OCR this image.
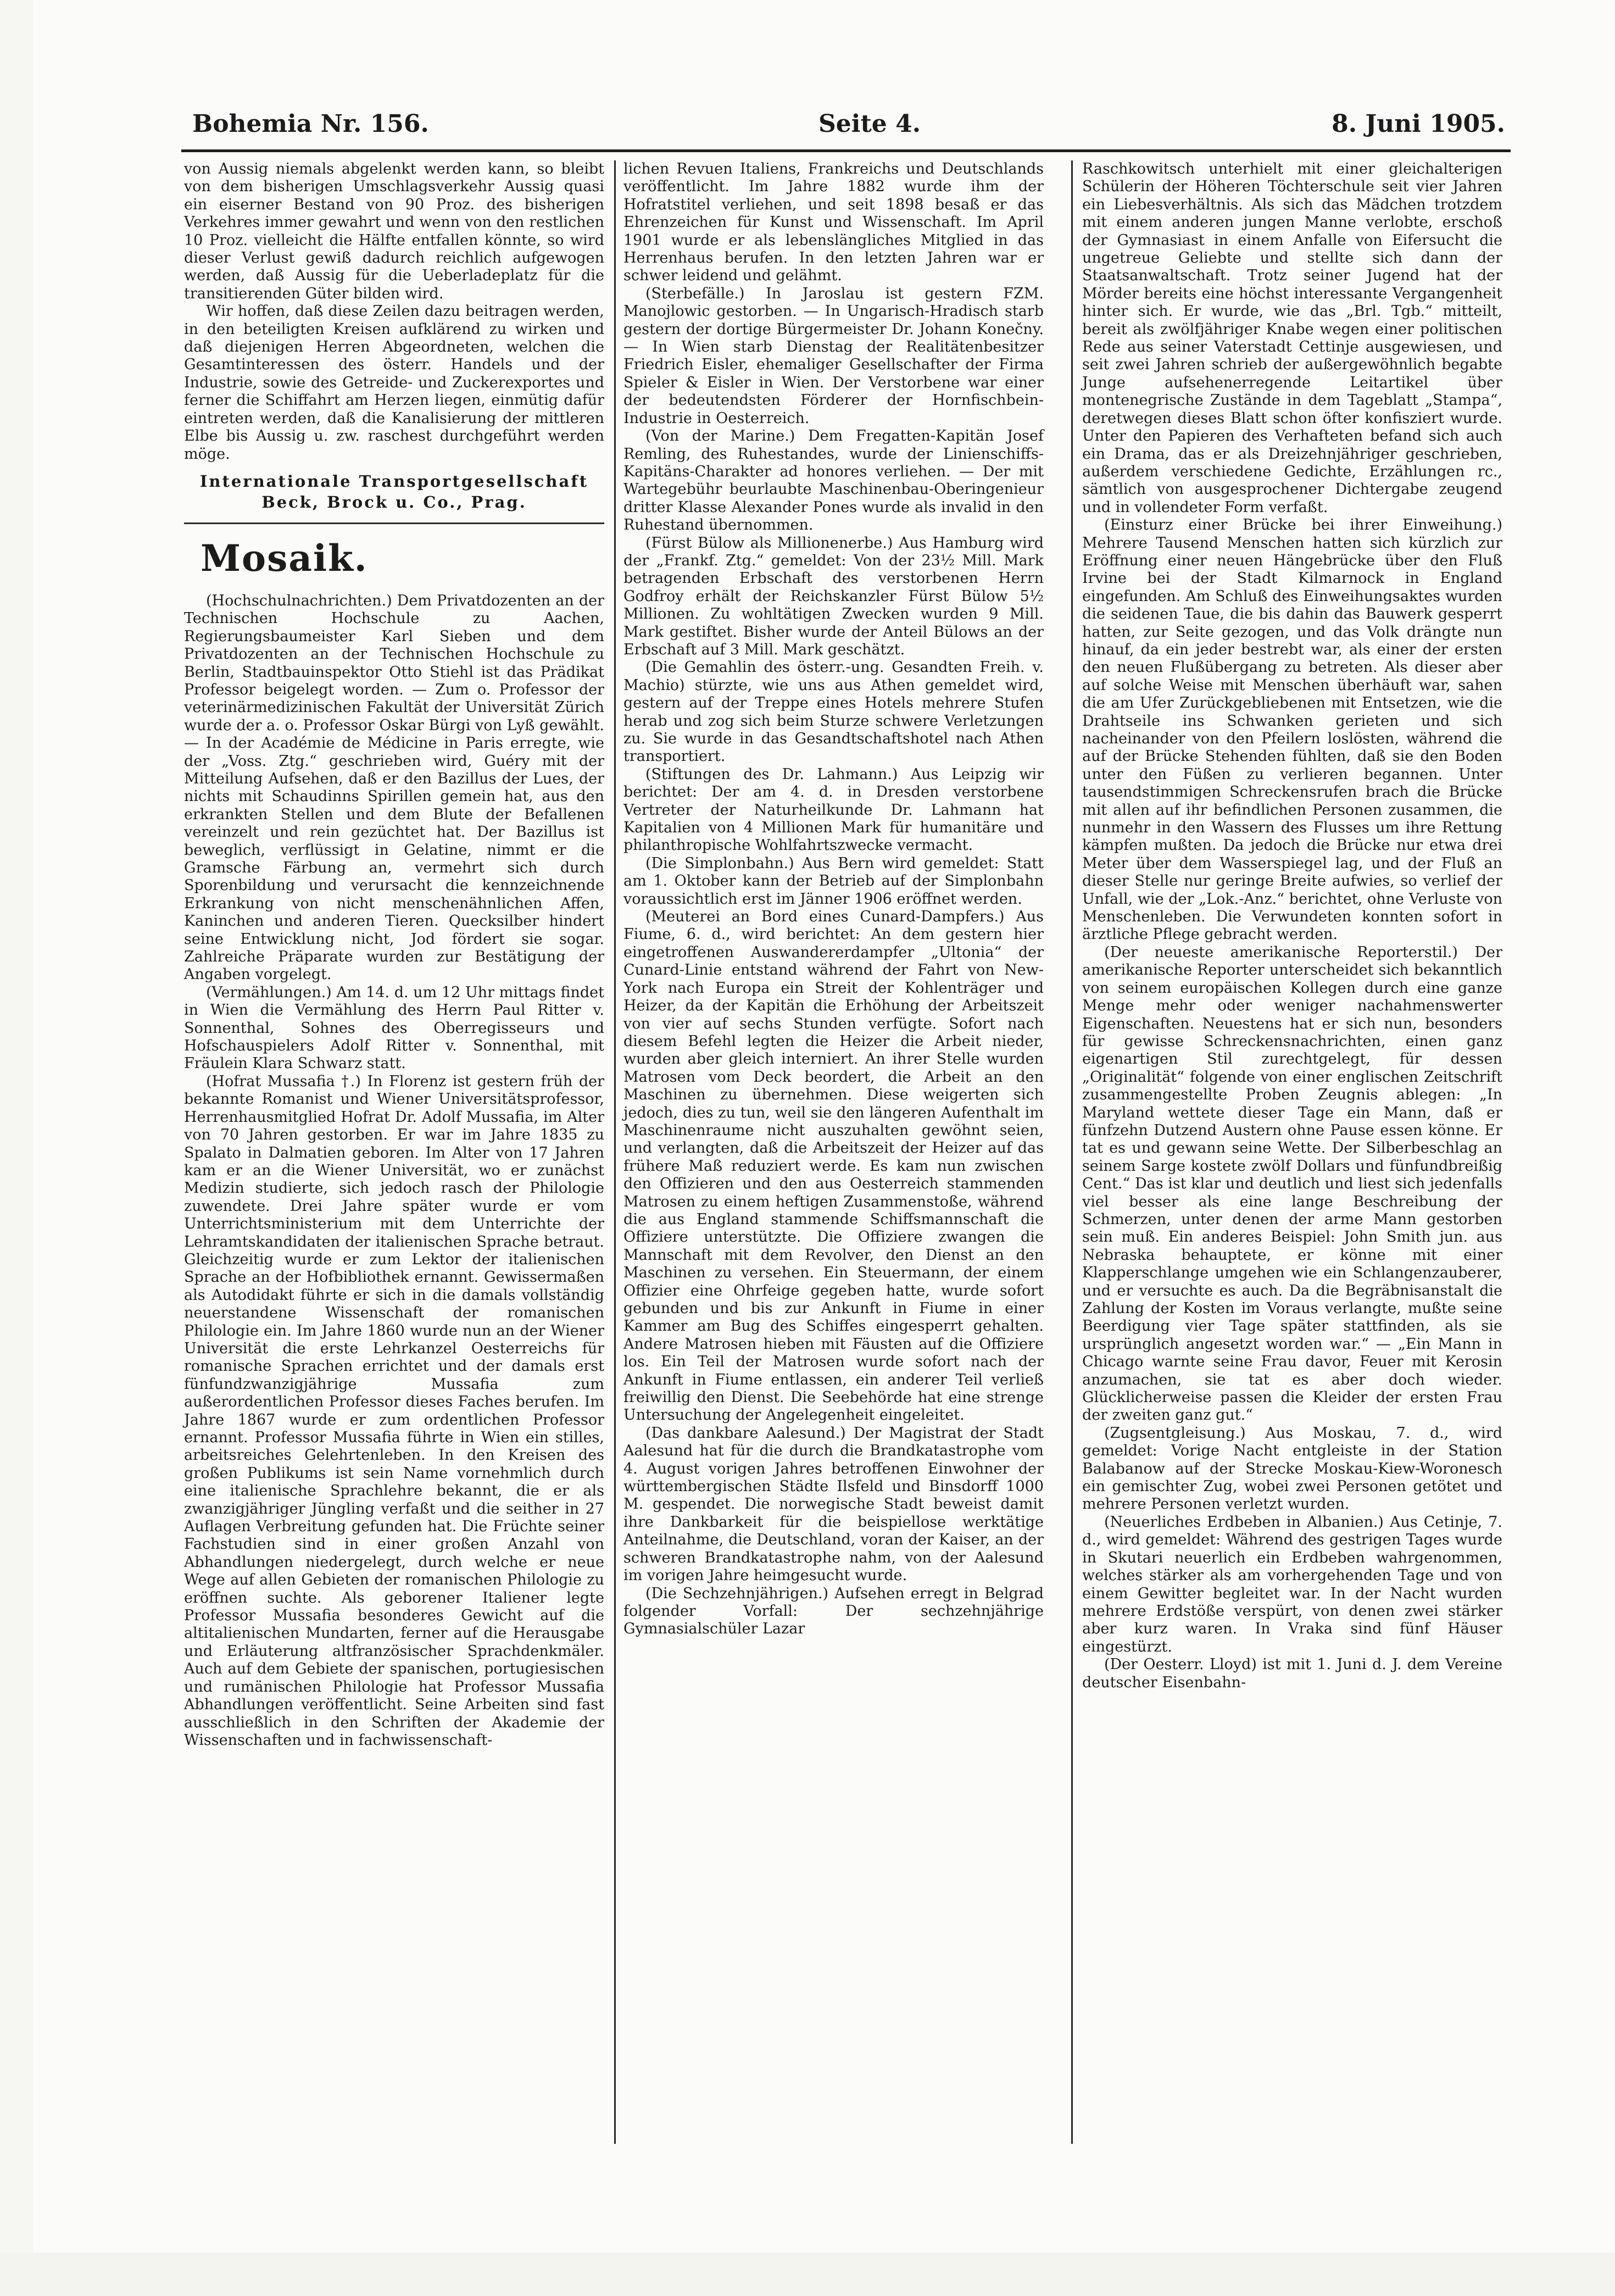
Bohemia Nr. 156.	Seite 4.	8. Juni 1905.

von Aussig niemals abgelenkt werden kann, so bleibt von dem bisherigen Umschlagsverkehr Aussig quasi ein eiserner Bestand von 90 Proz. des bisherigen Verkehres immer gewahrt und wenn von den restlichen 10 Proz. vielleicht die Hälfte entfallen könnte, so wird dieser Verlust gewiß dadurch reichlich aufgewogen werden, daß Aussig für die Ueberladeplatz für die transitierenden Güter bilden wird.

Wir hoffen, daß diese Zeilen dazu beitragen werden, in den beteiligten Kreisen aufklärend zu wirken und daß diejenigen Herren Abgeordneten, welchen die Gesamtinteressen des österr. Handels und der Industrie, sowie des Getreide- und Zuckerexportes und ferner die Schiffahrt am Herzen liegen, einmütig dafür eintreten werden, daß die Kanalisierung der mittleren Elbe bis Aussig u. zw. raschest durchgeführt werden möge.

Internationale Transportgesellschaft
Beck, Brock u. Co., Prag.
Mosaik.

(Hochschulnachrichten.) Dem Privatdozenten an der Technischen Hochschule zu Aachen, Regierungsbaumeister Karl Sieben und dem Privatdozenten an der Technischen Hochschule zu Berlin, Stadtbauinspektor Otto Stiehl ist das Prädikat Professor beigelegt worden. — Zum o. Professor der veterinärmedizinischen Fakultät der Universität Zürich wurde der a. o. Professor Oskar Bürgi von Lyß gewählt. — In der Académie de Médicine in Paris erregte, wie der „Voss. Ztg.“ geschrieben wird, Guéry mit der Mitteilung Aufsehen, daß er den Bazillus der Lues, der nichts mit Schaudinns Spirillen gemein hat, aus den erkrankten Stellen und dem Blute der Befallenen vereinzelt und rein gezüchtet hat. Der Bazillus ist beweglich, verflüssigt in Gelatine, nimmt er die Gramsche Färbung an, vermehrt sich durch Sporenbildung und verursacht die kennzeichnende Erkrankung von nicht menschenähnlichen Affen, Kaninchen und anderen Tieren. Quecksilber hindert seine Entwicklung nicht, Jod fördert sie sogar. Zahlreiche Präparate wurden zur Bestätigung der Angaben vorgelegt.

(Vermählungen.) Am 14. d. um 12 Uhr mittags findet in Wien die Vermählung des Herrn Paul Ritter v. Sonnenthal, Sohnes des Oberregisseurs und Hofschauspielers Adolf Ritter v. Sonnenthal, mit Fräulein Klara Schwarz statt.

(Hofrat Mussafia †.) In Florenz ist gestern früh der bekannte Romanist und Wiener Universitätsprofessor, Herrenhausmitglied Hofrat Dr. Adolf Mussafia, im Alter von 70 Jahren gestorben. Er war im Jahre 1835 zu Spalato in Dalmatien geboren. Im Alter von 17 Jahren kam er an die Wiener Universität, wo er zunächst Medizin studierte, sich jedoch rasch der Philologie zuwendete. Drei Jahre später wurde er vom Unterrichtsministerium mit dem Unterrichte der Lehramtskandidaten der italienischen Sprache betraut. Gleichzeitig wurde er zum Lektor der italienischen Sprache an der Hofbibliothek ernannt. Gewissermaßen als Autodidakt führte er sich in die damals vollständig neuerstandene Wissenschaft der romanischen Philologie ein. Im Jahre 1860 wurde nun an der Wiener Universität die erste Lehrkanzel Oesterreichs für romanische Sprachen errichtet und der damals erst fünfundzwanzigjährige Mussafia zum außerordentlichen Professor dieses Faches berufen. Im Jahre 1867 wurde er zum ordentlichen Professor ernannt. Professor Mussafia führte in Wien ein stilles, arbeitsreiches Gelehrtenleben. In den Kreisen des großen Publikums ist sein Name vornehmlich durch eine italienische Sprachlehre bekannt, die er als zwanzigjähriger Jüngling verfaßt und die seither in 27 Auflagen Verbreitung gefunden hat. Die Früchte seiner Fachstudien sind in einer großen Anzahl von Abhandlungen niedergelegt, durch welche er neue Wege auf allen Gebieten der romanischen Philologie zu eröffnen suchte. Als geborener Italiener legte Professor Mussafia besonderes Gewicht auf die altitalienischen Mundarten, ferner auf die Herausgabe und Erläuterung altfranzösischer Sprachdenkmäler. Auch auf dem Gebiete der spanischen, portugiesischen und rumänischen Philologie hat Professor Mussafia Abhandlungen veröffentlicht. Seine Arbeiten sind fast ausschließlich in den Schriften der Akademie der Wissenschaften und in fachwissenschaft-

lichen Revuen Italiens, Frankreichs und Deutschlands veröffentlicht. Im Jahre 1882 wurde ihm der Hofratstitel verliehen, und seit 1898 besaß er das Ehrenzeichen für Kunst und Wissenschaft. Im April 1901 wurde er als lebenslängliches Mitglied in das Herrenhaus berufen. In den letzten Jahren war er schwer leidend und gelähmt.

(Sterbefälle.) In Jaroslau ist gestern FZM. Manojlowic gestorben. — In Ungarisch-Hradisch starb gestern der dortige Bürgermeister Dr. Johann Konečny. — In Wien starb Dienstag der Realitätenbesitzer Friedrich Eisler, ehemaliger Gesellschafter der Firma Spieler & Eisler in Wien. Der Verstorbene war einer der bedeutendsten Förderer der Hornfischbein-Industrie in Oesterreich.

(Von der Marine.) Dem Fregatten-Kapitän Josef Remling, des Ruhestandes, wurde der Linienschiffs-Kapitäns-Charakter ad honores verliehen. — Der mit Wartegebühr beurlaubte Maschinenbau-Oberingenieur dritter Klasse Alexander Pones wurde als invalid in den Ruhestand übernommen.

(Fürst Bülow als Millionenerbe.) Aus Hamburg wird der „Frankf. Ztg.“ gemeldet: Von der 23½ Mill. Mark betragenden Erbschaft des verstorbenen Herrn Godfroy erhält der Reichskanzler Fürst Bülow 5½ Millionen. Zu wohltätigen Zwecken wurden 9 Mill. Mark gestiftet. Bisher wurde der Anteil Bülows an der Erbschaft auf 3 Mill. Mark geschätzt.

(Die Gemahlin des österr.-ung. Gesandten Freih. v. Machio) stürzte, wie uns aus Athen gemeldet wird, gestern auf der Treppe eines Hotels mehrere Stufen herab und zog sich beim Sturze schwere Verletzungen zu. Sie wurde in das Gesandtschaftshotel nach Athen transportiert.

(Stiftungen des Dr. Lahmann.) Aus Leipzig wir berichtet: Der am 4. d. in Dresden verstorbene Vertreter der Naturheilkunde Dr. Lahmann hat Kapitalien von 4 Millionen Mark für humanitäre und philanthropische Wohlfahrtszwecke vermacht.

(Die Simplonbahn.) Aus Bern wird gemeldet: Statt am 1. Oktober kann der Betrieb auf der Simplonbahn voraussichtlich erst im Jänner 1906 eröffnet werden.

(Meuterei an Bord eines Cunard-Dampfers.) Aus Fiume, 6. d., wird berichtet: An dem gestern hier eingetroffenen Auswandererdampfer „Ultonia“ der Cunard-Linie entstand während der Fahrt von New-York nach Europa ein Streit der Kohlenträger und Heizer, da der Kapitän die Erhöhung der Arbeitszeit von vier auf sechs Stunden verfügte. Sofort nach diesem Befehl legten die Heizer die Arbeit nieder, wurden aber gleich interniert. An ihrer Stelle wurden Matrosen vom Deck beordert, die Arbeit an den Maschinen zu übernehmen. Diese weigerten sich jedoch, dies zu tun, weil sie den längeren Aufenthalt im Maschinenraume nicht auszuhalten gewöhnt seien, und verlangten, daß die Arbeitszeit der Heizer auf das frühere Maß reduziert werde. Es kam nun zwischen den Offizieren und den aus Oesterreich stammenden Matrosen zu einem heftigen Zusammenstoße, während die aus England stammende Schiffsmannschaft die Offiziere unterstützte. Die Offiziere zwangen die Mannschaft mit dem Revolver, den Dienst an den Maschinen zu versehen. Ein Steuermann, der einem Offizier eine Ohrfeige gegeben hatte, wurde sofort gebunden und bis zur Ankunft in Fiume in einer Kammer am Bug des Schiffes eingesperrt gehalten. Andere Matrosen hieben mit Fäusten auf die Offiziere los. Ein Teil der Matrosen wurde sofort nach der Ankunft in Fiume entlassen, ein anderer Teil verließ freiwillig den Dienst. Die Seebehörde hat eine strenge Untersuchung der Angelegenheit eingeleitet.

(Das dankbare Aalesund.) Der Magistrat der Stadt Aalesund hat für die durch die Brandkatastrophe vom 4. August vorigen Jahres betroffenen Einwohner der württembergischen Städte Ilsfeld und Binsdorff 1000 M. gespendet. Die norwegische Stadt beweist damit ihre Dankbarkeit für die beispiellose werktätige Anteilnahme, die Deutschland, voran der Kaiser, an der schweren Brandkatastrophe nahm, von der Aalesund im vorigen Jahre heimgesucht wurde.

(Die Sechzehnjährigen.) Aufsehen erregt in Belgrad folgender Vorfall: Der sechzehnjährige Gymnasialschüler Lazar

Raschkowitsch unterhielt mit einer gleichalterigen Schülerin der Höheren Töchterschule seit vier Jahren ein Liebesverhältnis. Als sich das Mädchen trotzdem mit einem anderen jungen Manne verlobte, erschoß der Gymnasiast in einem Anfalle von Eifersucht die ungetreue Geliebte und stellte sich dann der Staatsanwaltschaft. Trotz seiner Jugend hat der Mörder bereits eine höchst interessante Vergangenheit hinter sich. Er wurde, wie das „Brl. Tgb.“ mitteilt, bereit als zwölfjähriger Knabe wegen einer politischen Rede aus seiner Vaterstadt Cettinje ausgewiesen, und seit zwei Jahren schrieb der außergewöhnlich begabte Junge aufsehenerregende Leitartikel über montenegrische Zustände in dem Tageblatt „Stampa“, deretwegen dieses Blatt schon öfter konfisziert wurde. Unter den Papieren des Verhafteten befand sich auch ein Drama, das er als Dreizehnjähriger geschrieben, außerdem verschiedene Gedichte, Erzählungen rc., sämtlich von ausgesprochener Dichtergabe zeugend und in vollendeter Form verfaßt.

(Einsturz einer Brücke bei ihrer Einweihung.) Mehrere Tausend Menschen hatten sich kürzlich zur Eröffnung einer neuen Hängebrücke über den Fluß Irvine bei der Stadt Kilmarnock in England eingefunden. Am Schluß des Einweihungsaktes wurden die seidenen Taue, die bis dahin das Bauwerk gesperrt hatten, zur Seite gezogen, und das Volk drängte nun hinauf, da ein jeder bestrebt war, als einer der ersten den neuen Flußübergang zu betreten. Als dieser aber auf solche Weise mit Menschen überhäuft war, sahen die am Ufer Zurückgebliebenen mit Entsetzen, wie die Drahtseile ins Schwanken gerieten und sich nacheinander von den Pfeilern loslösten, während die auf der Brücke Stehenden fühlten, daß sie den Boden unter den Füßen zu verlieren begannen. Unter tausendstimmigen Schreckensrufen brach die Brücke mit allen auf ihr befindlichen Personen zusammen, die nunmehr in den Wassern des Flusses um ihre Rettung kämpfen mußten. Da jedoch die Brücke nur etwa drei Meter über dem Wasserspiegel lag, und der Fluß an dieser Stelle nur geringe Breite aufwies, so verlief der Unfall, wie der „Lok.-Anz.“ berichtet, ohne Verluste von Menschenleben. Die Verwundeten konnten sofort in ärztliche Pflege gebracht werden.

(Der neueste amerikanische Reporterstil.) Der amerikanische Reporter unterscheidet sich bekanntlich von seinem europäischen Kollegen durch eine ganze Menge mehr oder weniger nachahmenswerter Eigenschaften. Neuestens hat er sich nun, besonders für gewisse Schreckensnachrichten, einen ganz eigenartigen Stil zurechtgelegt, für dessen „Originalität“ folgende von einer englischen Zeitschrift zusammengestellte Proben Zeugnis ablegen: „In Maryland wettete dieser Tage ein Mann, daß er fünfzehn Dutzend Austern ohne Pause essen könne. Er tat es und gewann seine Wette. Der Silberbeschlag an seinem Sarge kostete zwölf Dollars und fünfundbreißig Cent.“ Das ist klar und deutlich und liest sich jedenfalls viel besser als eine lange Beschreibung der Schmerzen, unter denen der arme Mann gestorben sein muß. Ein anderes Beispiel: John Smith jun. aus Nebraska behauptete, er könne mit einer Klapperschlange umgehen wie ein Schlangenzauberer, und er versuchte es auch. Da die Begräbnisanstalt die Zahlung der Kosten im Voraus verlangte, mußte seine Beerdigung vier Tage später stattfinden, als sie ursprünglich angesetzt worden war.“ — „Ein Mann in Chicago warnte seine Frau davor, Feuer mit Kerosin anzumachen, sie tat es aber doch wieder. Glücklicherweise passen die Kleider der ersten Frau der zweiten ganz gut.“

(Zugsentgleisung.) Aus Moskau, 7. d., wird gemeldet: Vorige Nacht entgleiste in der Station Balabanow auf der Strecke Moskau-Kiew-Woronesch ein gemischter Zug, wobei zwei Personen getötet und mehrere Personen verletzt wurden.

(Neuerliches Erdbeben in Albanien.) Aus Cetinje, 7. d., wird gemeldet: Während des gestrigen Tages wurde in Skutari neuerlich ein Erdbeben wahrgenommen, welches stärker als am vorhergehenden Tage und von einem Gewitter begleitet war. In der Nacht wurden mehrere Erdstöße verspürt, von denen zwei stärker aber kurz waren. In Vraka sind fünf Häuser eingestürzt.

(Der Oesterr. Lloyd) ist mit 1. Juni d. J. dem Vereine deutscher Eisenbahn-
